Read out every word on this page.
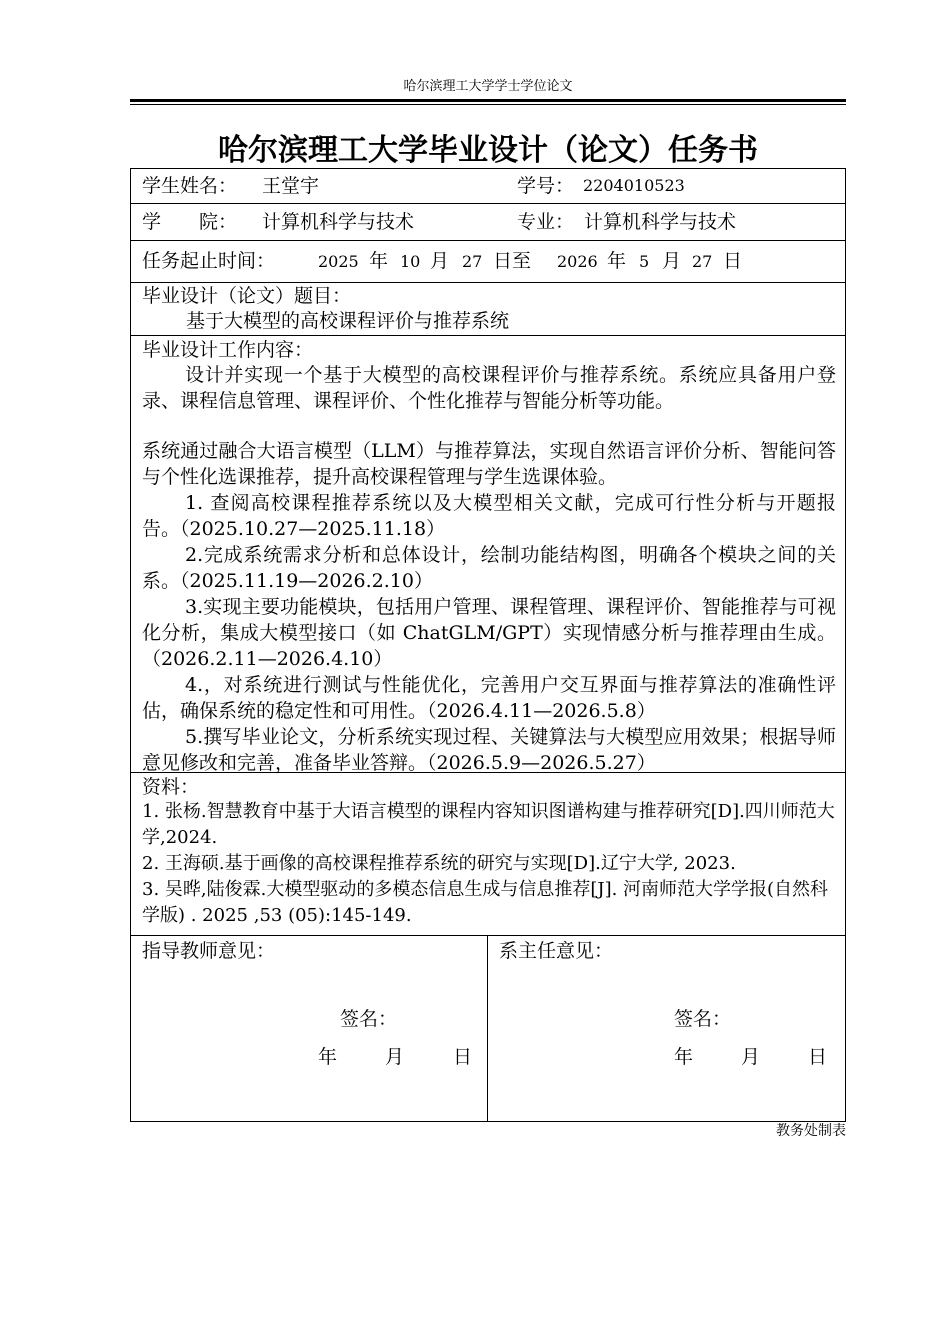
哈尔滨理工大学学士学位论文
哈尔滨理工大学毕业设计（论文）任务书
学生姓名： 王堂宇	学号： 2204010523
学　　院： 计算机科学与技术	专业： 计算机科学与技术
任务起止时间：	2025 年 10 月 27 日至 2026 年 5 月 27 日
毕业设计（论文）题目：
基于大模型的高校课程评价与推荐系统
毕业设计工作内容：
设计并实现一个基于大模型的高校课程评价与推荐系统。系统应具备用户登录、课程信息管理、课程评价、个性化推荐与智能分析等功能。
系统通过融合大语言模型（LLM）与推荐算法，实现自然语言评价分析、智能问答与个性化选课推荐，提升高校课程管理与学生选课体验。
1. 查阅高校课程推荐系统以及大模型相关文献，完成可行性分析与开题报告。（2025.10.27—2025.11.18）
2.完成系统需求分析和总体设计，绘制功能结构图，明确各个模块之间的关系。（2025.11.19—2026.2.10）
3.实现主要功能模块，包括用户管理、课程管理、课程评价、智能推荐与可视化分析，集成大模型接口（如 ChatGLM/GPT）实现情感分析与推荐理由生成。（2026.2.11—2026.4.10）
4.，对系统进行测试与性能优化，完善用户交互界面与推荐算法的准确性评估，确保系统的稳定性和可用性。（2026.4.11—2026.5.8）
5.撰写毕业论文，分析系统实现过程、关键算法与大模型应用效果；根据导师意见修改和完善，准备毕业答辩。（2026.5.9—2026.5.27）
资料：
1. 张杨.智慧教育中基于大语言模型的课程内容知识图谱构建与推荐研究[D].四川师范大学,2024.
2. 王海硕.基于画像的高校课程推荐系统的研究与实现[D].辽宁大学, 2023.
3. 吴晔,陆俊霖.大模型驱动的多模态信息生成与信息推荐[J]. 河南师范大学学报(自然科学版) . 2025 ,53 (05):145-149.
指导教师意见：
签名：
年	月	日
系主任意见：
签名：
年	月	日
教务处制表
